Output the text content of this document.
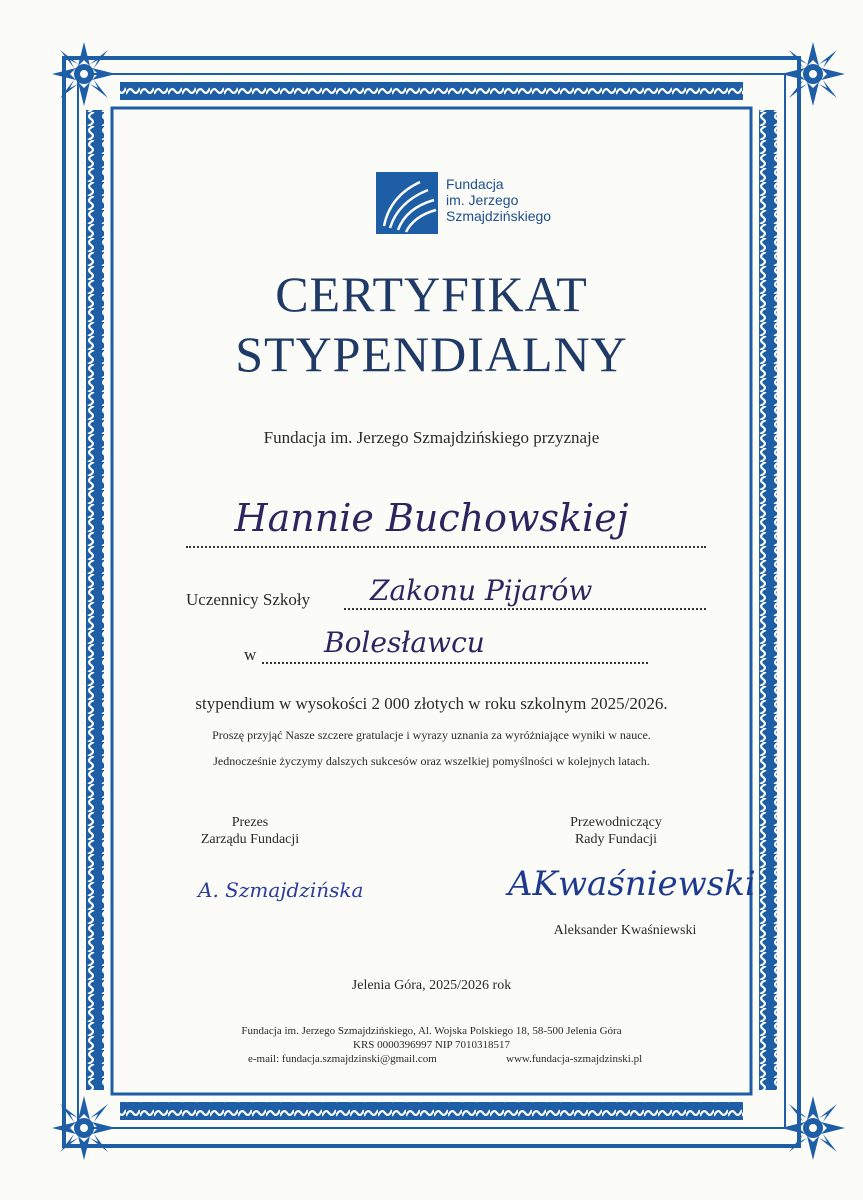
Fundacja
im. Jerzego
Szmajdzińskiego
CERTYFIKAT
STYPENDIALNY
Fundacja im. Jerzego Szmajdzińskiego przyznaje
Hannie Buchowskiej
Uczennicy Szkoły Zakonu Pijarów
w Bolesławcu
stypendium w wysokości 2 000 złotych w roku szkolnym 2025/2026.
Proszę przyjąć Nasze szczere gratulacje i wyrazy uznania za wyróżniające wyniki w nauce.
Jednocześnie życzymy dalszych sukcesów oraz wszelkiej pomyślności w kolejnych latach.
Prezes
Zarządu Fundacji
A. Szmajdzińska
Przewodniczący
Rady Fundacji
AKwaśniewski
Aleksander Kwaśniewski
Jelenia Góra, 2025/2026 rok
Fundacja im. Jerzego Szmajdzińskiego, Al. Wojska Polskiego 18, 58-500 Jelenia Góra
KRS 0000396997 NIP 7010318517
e-mail: fundacja.szmajdzinski@gmail.com	www.fundacja-szmajdzinski.pl
